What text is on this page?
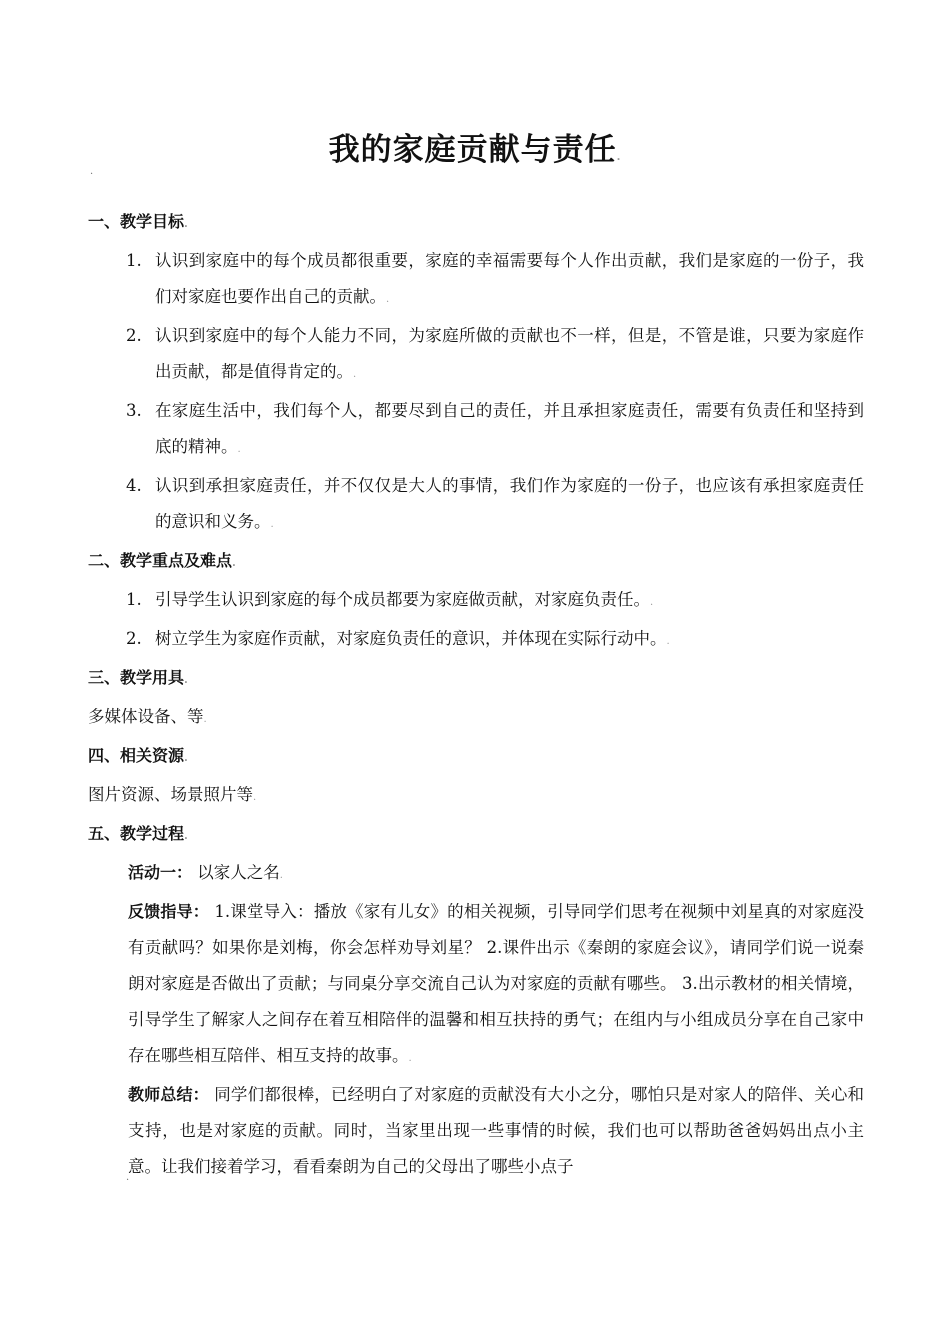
我的家庭贡献与责任.
·
一、教学目标.
1. 认识到家庭中的每个成员都很重要，家庭的幸福需要每个人作出贡献，我们是家庭的一份子，我们对家庭也要作出自己的贡献。.
2. 认识到家庭中的每个人能力不同，为家庭所做的贡献也不一样，但是，不管是谁，只要为家庭作出贡献，都是值得肯定的。.
3. 在家庭生活中，我们每个人，都要尽到自己的责任，并且承担家庭责任，需要有负责任和坚持到底的精神。.
4. 认识到承担家庭责任，并不仅仅是大人的事情，我们作为家庭的一份子，也应该有承担家庭责任的意识和义务。.
二、教学重点及难点.
1. 引导学生认识到家庭的每个成员都要为家庭做贡献，对家庭负责任。.
2. 树立学生为家庭作贡献，对家庭负责任的意识，并体现在实际行动中。.
三、教学用具.
多媒体设备、等.
四、相关资源.
图片资源、场景照片等.
五、教学过程.
活动一： 以家人之名.
反馈指导： 1.课堂导入：播放《家有儿女》的相关视频，引导同学们思考在视频中刘星真的对家庭没有贡献吗？如果你是刘梅，你会怎样劝导刘星？ 2.课件出示《秦朗的家庭会议》，请同学们说一说秦朗对家庭是否做出了贡献；与同桌分享交流自己认为对家庭的贡献有哪些。 3.出示教材的相关情境，引导学生了解家人之间存在着互相陪伴的温馨和相互扶持的勇气；在组内与小组成员分享在自己家中存在哪些相互陪伴、相互支持的故事。.
教师总结： 同学们都很棒，已经明白了对家庭的贡献没有大小之分，哪怕只是对家人的陪伴、关心和支持，也是对家庭的贡献。同时，当家里出现一些事情的时候，我们也可以帮助爸爸妈妈出点小主意。让我们接着学习，看看秦朗为自己的父母出了哪些小点子
·
